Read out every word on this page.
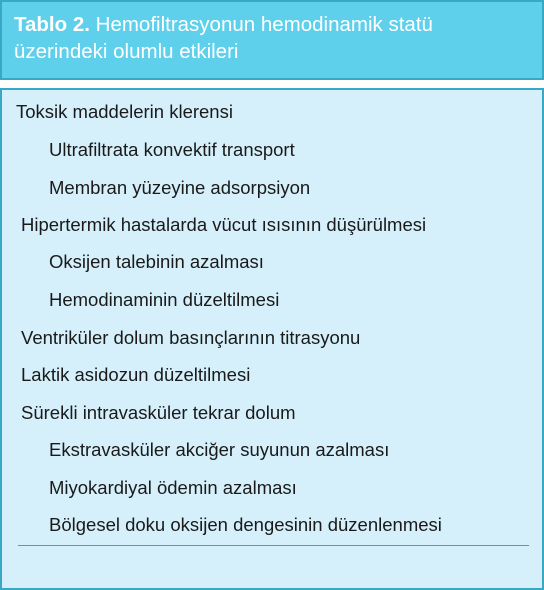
Tablo 2. Hemofiltrasyonun hemodinamik statü üzerindeki olumlu etkileri

Toksik maddelerin klerensi
Ultrafiltrata konvektif transport
Membran yüzeyine adsorpsiyon
Hipertermik hastalarda vücut ısısının düşürülmesi
Oksijen talebinin azalması
Hemodinaminin düzeltilmesi
Ventriküler dolum basınçlarının titrasyonu
Laktik asidozun düzeltilmesi
Sürekli intravasküler tekrar dolum
Ekstravasküler akciğer suyunun azalması
Miyokardiyal ödemin azalması
Bölgesel doku oksijen dengesinin düzenlenmesi
